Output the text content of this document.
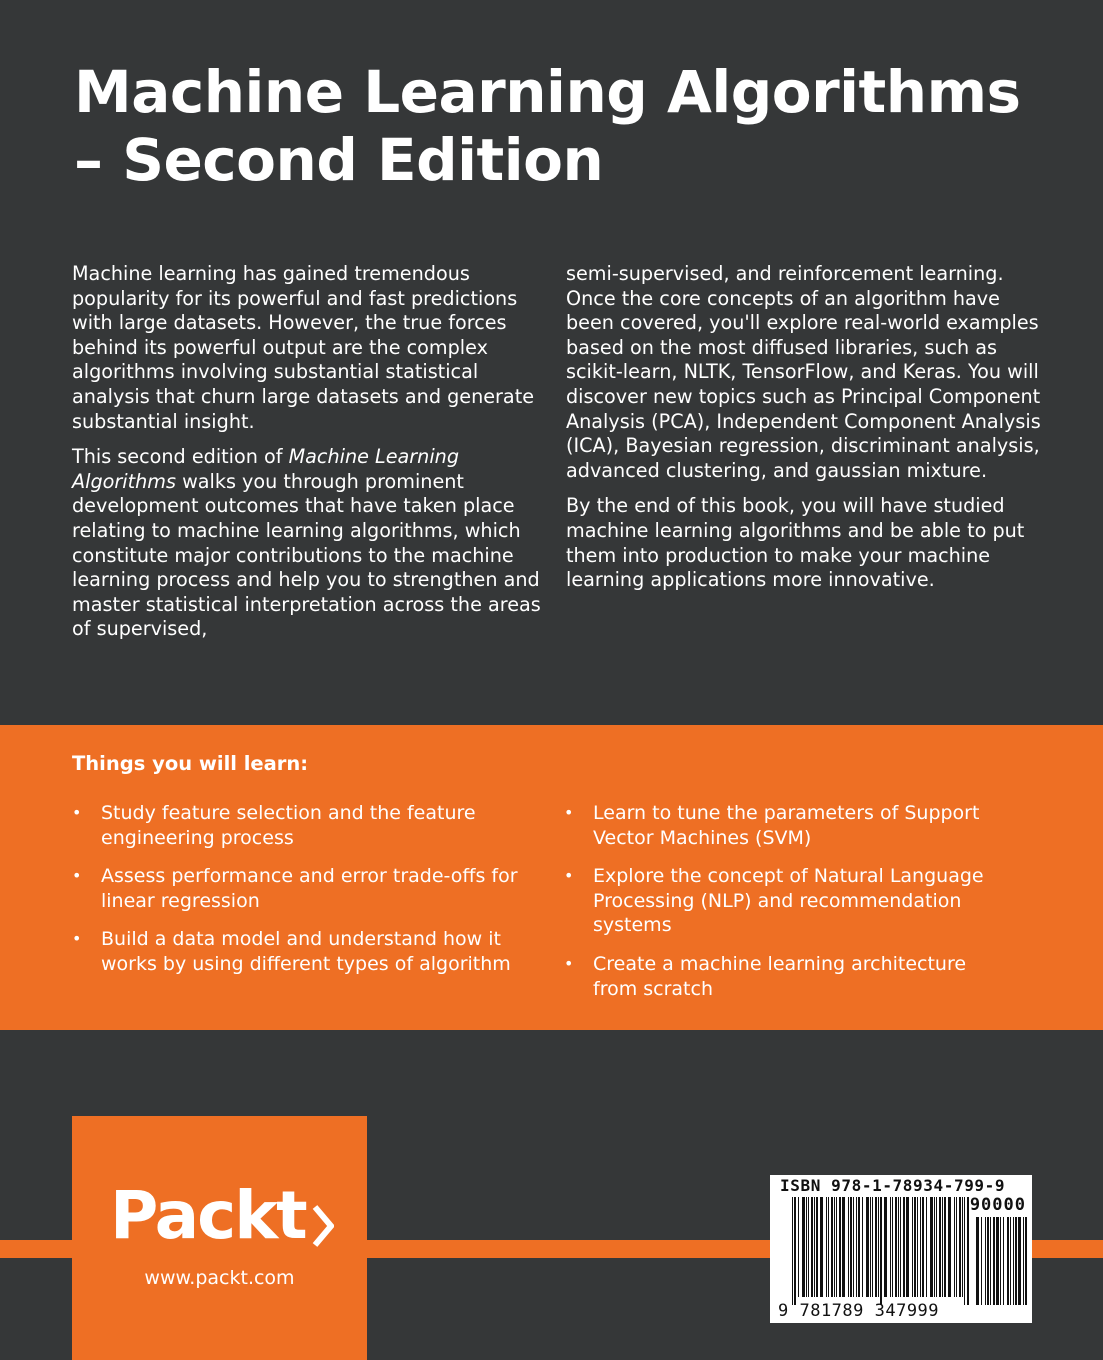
Machine Learning Algorithms
– Second Edition

Machine learning has gained tremendous popularity for its powerful and fast predictions with large datasets. However, the true forces behind its powerful output are the complex algorithms involving substantial statistical analysis that churn large datasets and generate substantial insight.

This second edition of Machine Learning Algorithms walks you through prominent development outcomes that have taken place relating to machine learning algorithms, which constitute major contributions to the machine learning process and help you to strengthen and master statistical interpretation across the areas of supervised,

semi-supervised, and reinforcement learning. Once the core concepts of an algorithm have been covered, you'll explore real-world examples based on the most diffused libraries, such as scikit-learn, NLTK, TensorFlow, and Keras. You will discover new topics such as Principal Component Analysis (PCA), Independent Component Analysis (ICA), Bayesian regression, discriminant analysis, advanced clustering, and gaussian mixture.

By the end of this book, you will have studied machine learning algorithms and be able to put them into production to make your machine learning applications more innovative.

Things you will learn:
• Study feature selection and the feature engineering process
• Assess performance and error trade-offs for linear regression
• Build a data model and understand how it works by using different types of algorithm
• Learn to tune the parameters of Support Vector Machines (SVM)
• Explore the concept of Natural Language Processing (NLP) and recommendation systems
• Create a machine learning architecture from scratch
Packt
www.packt.com
ISBN 978-1-78934-799-9
90000
9 781789 347999
